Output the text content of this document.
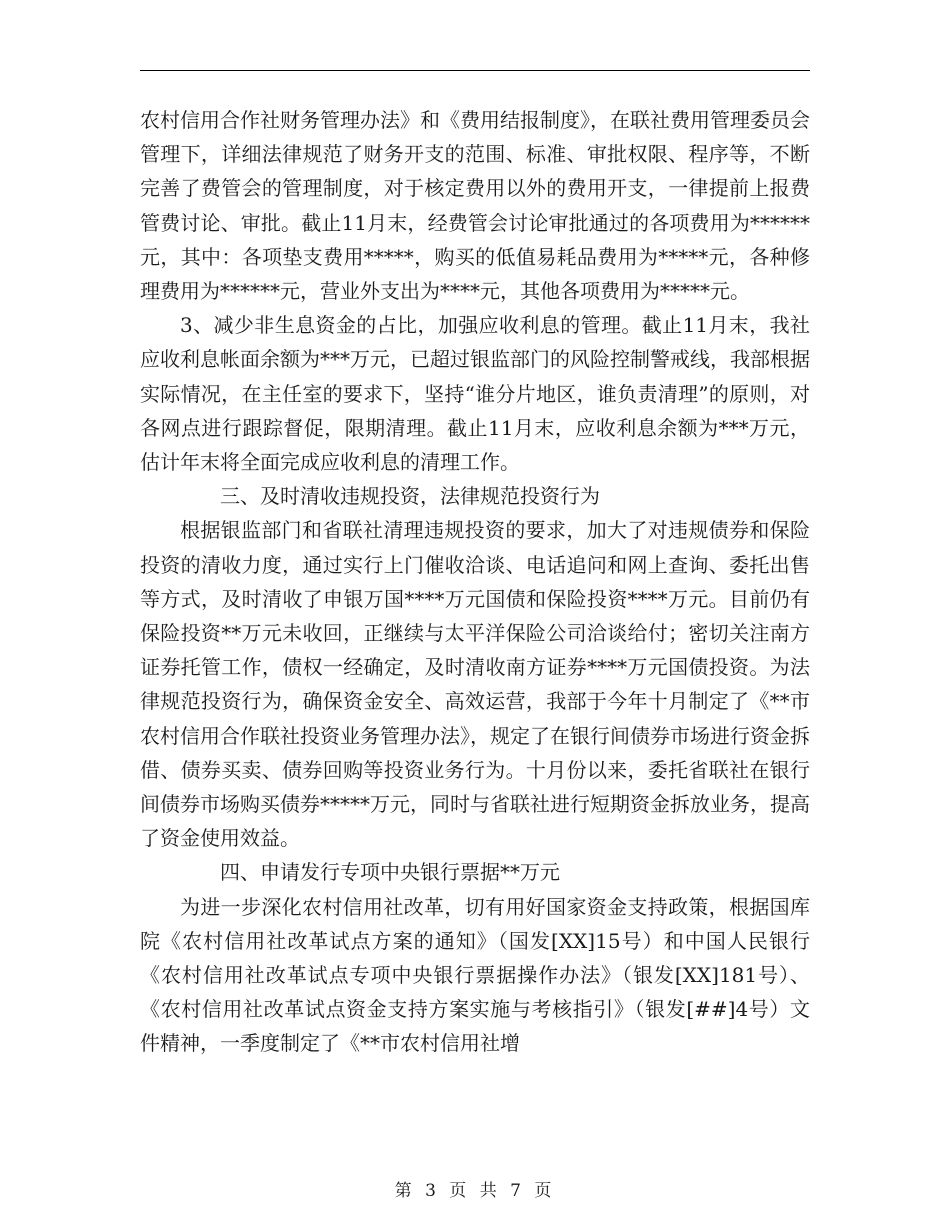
农村信用合作社财务管理办法》和《费用结报制度》，在联社费用管理委员会管理下，详细法律规范了财务开支的范围、标准、审批权限、程序等，不断完善了费管会的管理制度，对于核定费用以外的费用开支，一律提前上报费管费讨论、审批。截止11月末，经费管会讨论审批通过的各项费用为******元，其中：各项垫支费用*****，购买的低值易耗品费用为*****元，各种修理费用为******元，营业外支出为****元，其他各项费用为*****元。

3、减少非生息资金的占比，加强应收利息的管理。截止11月末，我社应收利息帐面余额为***万元，已超过银监部门的风险控制警戒线，我部根据实际情况，在主任室的要求下，坚持“谁分片地区，谁负责清理”的原则，对各网点进行跟踪督促，限期清理。截止11月末，应收利息余额为***万元，估计年末将全面完成应收利息的清理工作。

三、及时清收违规投资，法律规范投资行为

根据银监部门和省联社清理违规投资的要求，加大了对违规债券和保险投资的清收力度，通过实行上门催收洽谈、电话追问和网上查询、委托出售等方式，及时清收了申银万国****万元国债和保险投资****万元。目前仍有保险投资**万元未收回，正继续与太平洋保险公司洽谈给付；密切关注南方证券托管工作，债权一经确定，及时清收南方证券****万元国债投资。为法律规范投资行为，确保资金安全、高效运营，我部于今年十月制定了《**市农村信用合作联社投资业务管理办法》，规定了在银行间债券市场进行资金拆借、债券买卖、债券回购等投资业务行为。十月份以来，委托省联社在银行间债券市场购买债券*****万元，同时与省联社进行短期资金拆放业务，提高了资金使用效益。

四、申请发行专项中央银行票据**万元

为进一步深化农村信用社改革，切有用好国家资金支持政策，根据国库院《农村信用社改革试点方案的通知》（国发[XX]15号）和中国人民银行《农村信用社改革试点专项中央银行票据操作办法》（银发[XX]181号）、《农村信用社改革试点资金支持方案实施与考核指引》（银发[##]4号）文件精神，一季度制定了《**市农村信用社增

第 3 页 共 7 页
